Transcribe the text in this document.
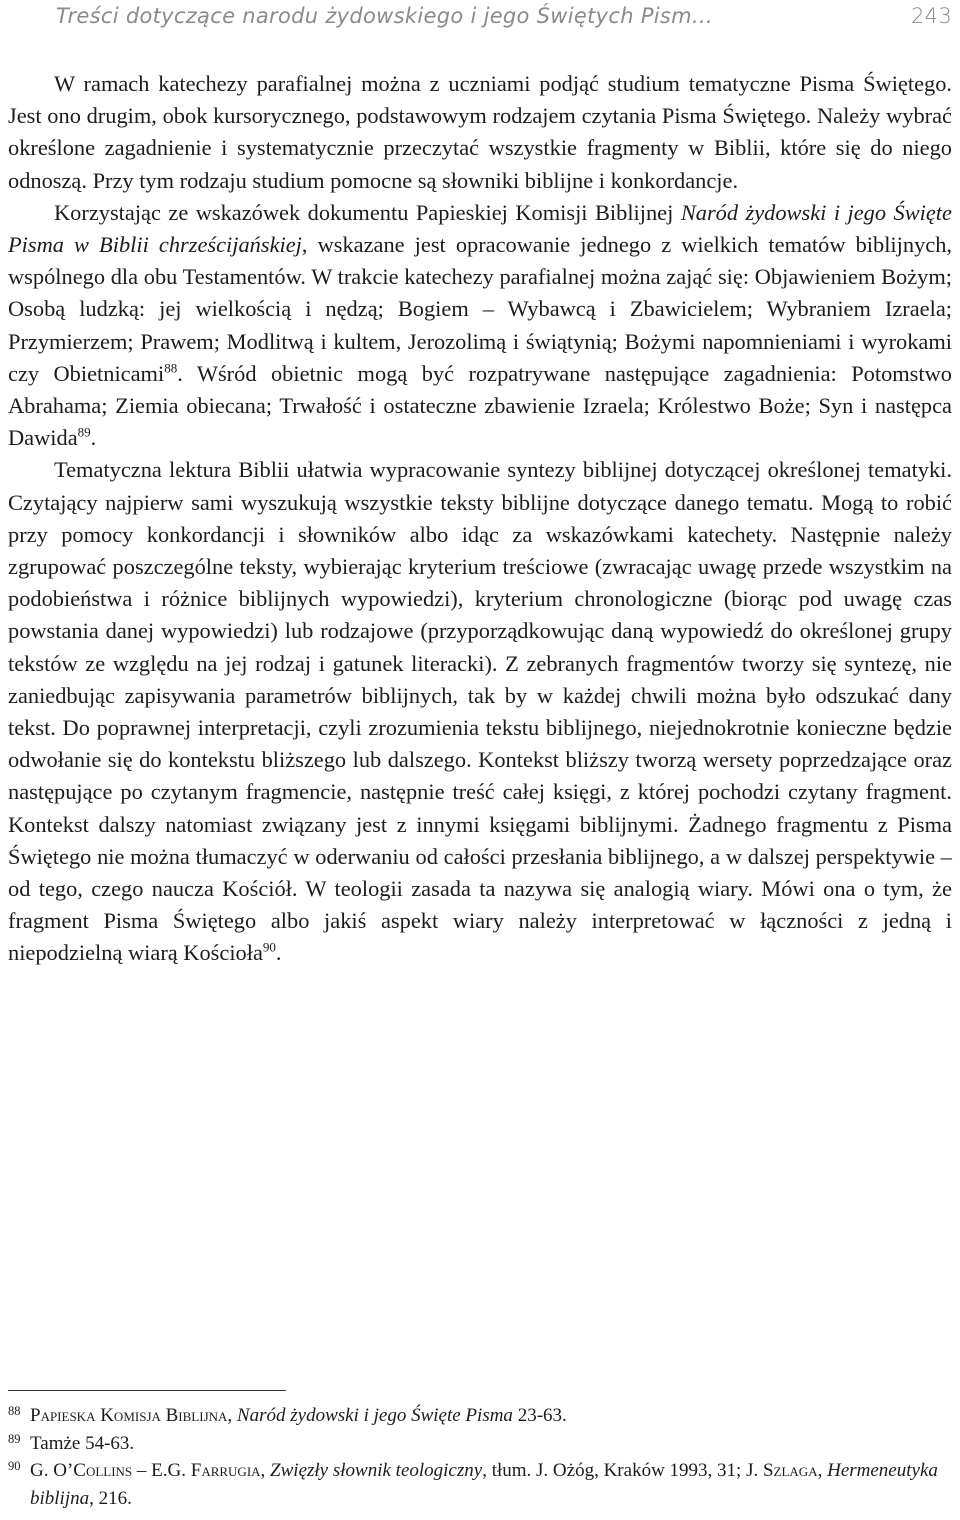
Treści dotyczące narodu żydowskiego i jego Świętych Pism...	243

W ramach katechezy parafialnej można z uczniami podjąć studium tematyczne Pisma Świętego. Jest ono drugim, obok kursorycznego, podstawowym rodzajem czytania Pisma Świętego. Należy wybrać określone zagadnienie i systematycznie przeczytać wszystkie fragmenty w Biblii, które się do niego odnoszą. Przy tym rodzaju studium pomocne są słowniki biblijne i konkordancje.

Korzystając ze wskazówek dokumentu Papieskiej Komisji Biblijnej Naród żydowski i jego Święte Pisma w Biblii chrześcijańskiej, wskazane jest opracowanie jednego z wielkich tematów biblijnych, wspólnego dla obu Testamentów. W trakcie katechezy parafialnej można zająć się: Objawieniem Bożym; Osobą ludzką: jej wielkością i nędzą; Bogiem – Wybawcą i Zbawicielem; Wybraniem Izraela; Przymierzem; Prawem; Modlitwą i kultem, Jerozolimą i świątynią; Bożymi napomnieniami i wyrokami czy Obietnicami$^{88}$. Wśród obietnic mogą być rozpatrywane następujące zagadnienia: Potomstwo Abrahama; Ziemia obiecana; Trwałość i ostateczne zbawienie Izraela; Królestwo Boże; Syn i następca Dawida$^{89}$.

Tematyczna lektura Biblii ułatwia wypracowanie syntezy biblijnej dotyczącej określonej tematyki. Czytający najpierw sami wyszukują wszystkie teksty biblijne dotyczące danego tematu. Mogą to robić przy pomocy konkordancji i słowników albo idąc za wskazówkami katechety. Następnie należy zgrupować poszczególne teksty, wybierając kryterium treściowe (zwracając uwagę przede wszystkim na podobieństwa i różnice biblijnych wypowiedzi), kryterium chronologiczne (biorąc pod uwagę czas powstania danej wypowiedzi) lub rodzajowe (przyporządkowując daną wypowiedź do określonej grupy tekstów ze względu na jej rodzaj i gatunek literacki). Z zebranych fragmentów tworzy się syntezę, nie zaniedbując zapisywania parametrów biblijnych, tak by w każdej chwili można było odszukać dany tekst. Do poprawnej interpretacji, czyli zrozumienia tekstu biblijnego, niejednokrotnie konieczne będzie odwołanie się do kontekstu bliższego lub dalszego. Kontekst bliższy tworzą wersety poprzedzające oraz następujące po czytanym fragmencie, następnie treść całej księgi, z której pochodzi czytany fragment. Kontekst dalszy natomiast związany jest z innymi księgami biblijnymi. Żadnego fragmentu z Pisma Świętego nie można tłumaczyć w oderwaniu od całości przesłania biblijnego, a w dalszej perspektywie – od tego, czego naucza Kościół. W teologii zasada ta nazywa się analogią wiary. Mówi ona o tym, że fragment Pisma Świętego albo jakiś aspekt wiary należy interpretować w łączności z jedną i niepodzielną wiarą Kościoła$^{90}$.

88 Papieska Komisja Biblijna, Naród żydowski i jego Święte Pisma 23-63.
89 Tamże 54-63.
90 G. O’Collins – E.G. Farrugia, Zwięzły słownik teologiczny, tłum. J. Ożóg, Kraków 1993, 31; J. Szlaga, Hermeneutyka biblijna, 216.
